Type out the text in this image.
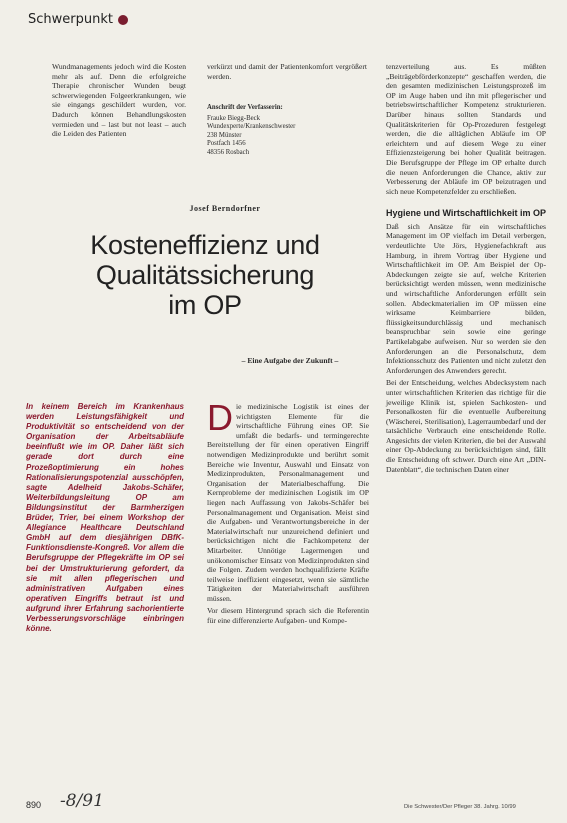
Schwerpunkt

Wundmanagements jedoch wird die Kosten mehr als auf. Denn die erfolgreiche Therapie chronischer Wunden beugt schwerwiegenden Folgeerkrankungen, wie sie eingangs geschildert wurden, vor. Dadurch können Behandlungskosten vermieden und – last but not least – auch die Leiden des Patienten

verkürzt und damit der Patientenkomfort vergrößert werden.

Anschrift der Verfasserin:
Frauke Biegg-Beck
Wundexperte/Krankenschwester
238 Münster
Postfach 1456
48356 Rosbach
Josef Berndorfner
Kosteneffizienz und
Qualitätssicherung
im OP
– Eine Aufgabe der Zukunft –
In keinem Bereich im Krankenhaus werden Leistungsfähigkeit und Produktivität so entscheidend von der Organisation der Arbeitsabläufe beeinflußt wie im OP. Daher läßt sich gerade dort durch eine Prozeßoptimierung ein hohes Rationalisierungspotenzial ausschöpfen, sagte Adelheid Jakobs-Schäfer, Weiterbildungsleitung OP am Bildungsinstitut der Barmherzigen Brüder, Trier, bei einem Workshop der Allegiance Healthcare Deutschland GmbH auf dem diesjährigen DBfK-Funktionsdienste-Kongreß. Vor allem die Berufsgruppe der Pflegekräfte im OP sei bei der Umstrukturierung gefordert, da sie mit allen pflegerischen und administrativen Aufgaben eines operativen Eingriffs betraut ist und aufgrund ihrer Erfahrung sachorientierte Verbesserungsvorschläge einbringen könne.

Die medizinische Logistik ist eines der wichtigsten Elemente für die wirtschaftliche Führung eines OP. Sie umfaßt die bedarfs- und termingerechte Bereitstellung der für einen operativen Eingriff notwendigen Medizinprodukte und berührt somit Bereiche wie Inventur, Auswahl und Einsatz von Medizinprodukten, Personalmanagement und Organisation der Materialbeschaffung. Die Kernprobleme der medizinischen Logistik im OP liegen nach Auffassung von Jakobs-Schäfer bei Personalmanagement und Organisation. Meist sind die Aufgaben- und Verantwortungsbereiche in der Materialwirtschaft nur unzureichend definiert und berücksichtigen nicht die Fachkompetenz der Mitarbeiter. Unnötige Lagermengen und unökonomischer Einsatz von Medizinprodukten sind die Folgen. Zudem werden hochqualifizierte Kräfte teilweise ineffizient eingesetzt, wenn sie sämtliche Tätigkeiten der Materialwirtschaft ausführen müssen.

Vor diesem Hintergrund sprach sich die Referentin für eine differenzierte Aufgaben- und Kompe-

tenzverteilung aus. Es müßten „Beiträgebförderkonzepte“ geschaffen werden, die den gesamten medizinischen Leistungsprozeß im OP im Auge haben und ihn mit pflegerischer und betriebswirtschaftlicher Kompetenz strukturieren. Darüber hinaus sollten Standards und Qualitätskriterien für Op-Prozeduren festgelegt werden, die die alltäglichen Abläufe im OP erleichtern und auf diesem Wege zu einer Effizienzsteigerung bei hoher Qualität beitragen. Die Berufsgruppe der Pflege im OP erhalte durch die neuen Anforderungen die Chance, aktiv zur Verbesserung der Abläufe im OP beizutragen und sich neue Kompetenzfelder zu erschließen.

Hygiene und Wirtschaftlichkeit im OP

Daß sich Ansätze für ein wirtschaftliches Management im OP vielfach im Detail verbergen, verdeutlichte Ute Jörs, Hygienefachkraft aus Hamburg, in ihrem Vortrag über Hygiene und Wirtschaftlichkeit im OP. Am Beispiel der Op-Abdeckungen zeigte sie auf, welche Kriterien berücksichtigt werden müssen, wenn medizinische und wirtschaftliche Anforderungen erfüllt sein sollen. Abdeckmaterialien im OP müssen eine wirksame Keimbarriere bilden, flüssigkeitsundurchlässig und mechanisch beanspruchbar sein sowie eine geringe Partikelabgabe aufweisen. Nur so werden sie den Anforderungen an die Personalschutz, dem Infektionsschutz des Patienten und nicht zuletzt den Anforderungen des Anwenders gerecht.

Bei der Entscheidung, welches Abdecksystem nach unter wirtschaftlichen Kriterien das richtige für die jeweilige Klinik ist, spielen Sachkosten- und Personalkosten für die eventuelle Aufbereitung (Wäscherei, Sterilisation), Lagerraumbedarf und der tatsächliche Verbrauch eine entscheidende Rolle. Angesichts der vielen Kriterien, die bei der Auswahl einer Op-Abdeckung zu berücksichtigen sind, fällt die Entscheidung oft schwer. Durch eine Art „DIN-Datenblatt“, die technischen Daten einer

890 -8/91	Die Schwester/Der Pfleger 38. Jahrg. 10/99
